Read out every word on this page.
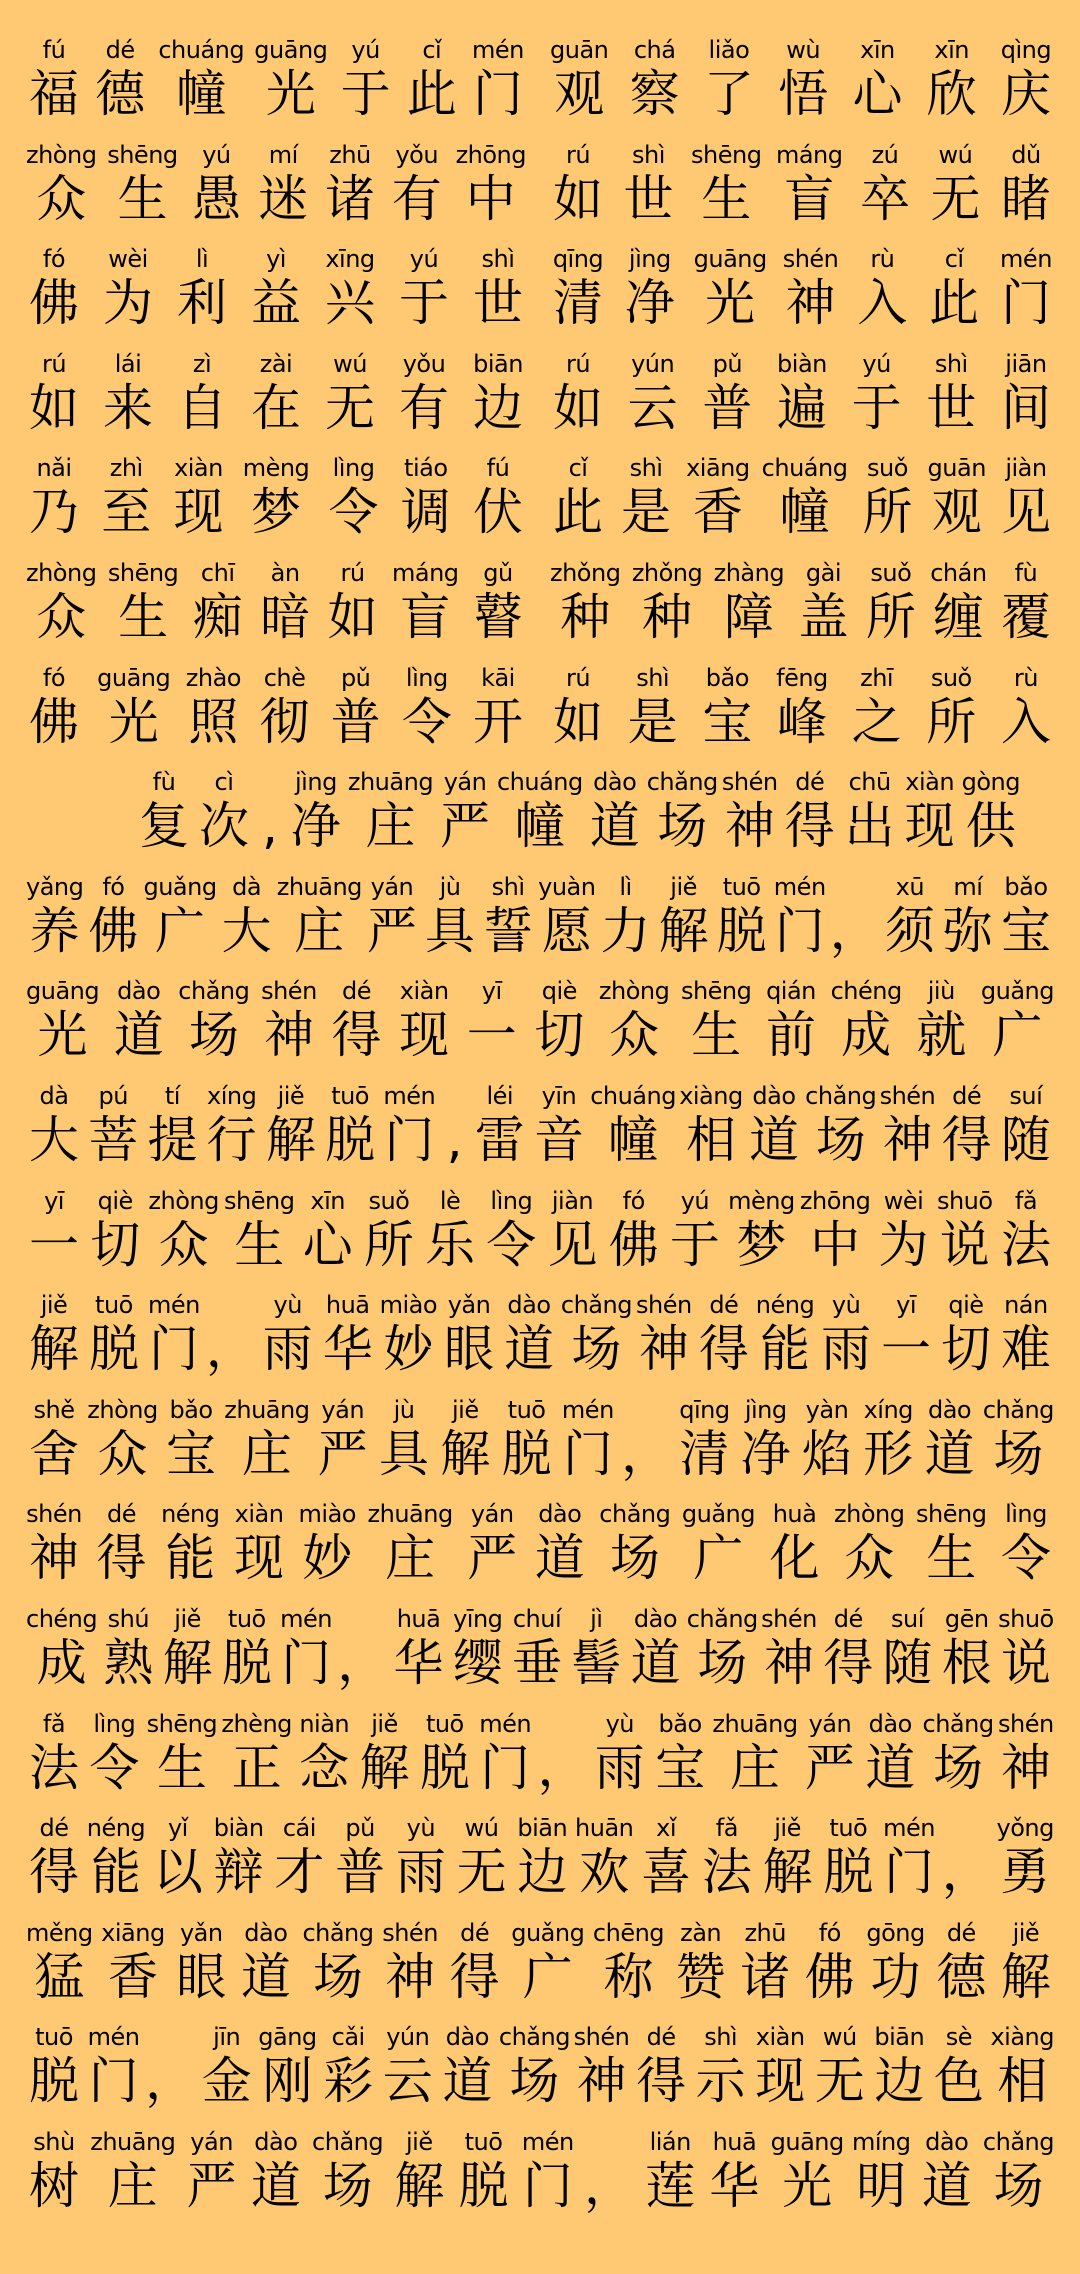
fú
福
dé
德
chuáng
幢
guāng
光
yú
于
cǐ
此
mén
门
guān
观
chá
察
liǎo
了
wù
悟
xīn
心
xīn
欣
qìng
庆
zhòng
众
shēng
生
yú
愚
mí
迷
zhū
诸
yǒu
有
zhōng
中
rú
如
shì
世
shēng
生
máng
盲
zú
卒
wú
无
dǔ
睹
fó
佛
wèi
为
lì
利
yì
益
xīng
兴
yú
于
shì
世
qīng
清
jìng
净
guāng
光
shén
神
rù
入
cǐ
此
mén
门
rú
如
lái
来
zì
自
zài
在
wú
无
yǒu
有
biān
边
rú
如
yún
云
pǔ
普
biàn
遍
yú
于
shì
世
jiān
间
nǎi
乃
zhì
至
xiàn
现
mèng
梦
lìng
令
tiáo
调
fú
伏
cǐ
此
shì
是
xiāng
香
chuáng
幢
suǒ
所
guān
观
jiàn
见
zhòng
众
shēng
生
chī
痴
àn
暗
rú
如
máng
盲
gǔ
瞽
zhǒng
种
zhǒng
种
zhàng
障
gài
盖
suǒ
所
chán
缠
fù
覆
fó
佛
guāng
光
zhào
照
chè
彻
pǔ
普
lìng
令
kāi
开
rú
如
shì
是
bǎo
宝
fēng
峰
zhī
之
suǒ
所
rù
入
fù
复
cì
次 ,
jìng
净
zhuāng
庄
yán
严
chuáng
幢
dào
道
chǎng
场
shén
神
dé
得
chū
出
xiàn
现
gòng
供
yǎng
养
fó
佛
guǎng
广
dà
大
zhuāng
庄
yán
严
jù
具
shì
誓
yuàn
愿
lì
力
jiě
解
tuō
脱
mén
门 ，
xū
须
mí
弥
bǎo
宝
guāng
光
dào
道
chǎng
场
shén
神
dé
得
xiàn
现
yī
一
qiè
切
zhòng
众
shēng
生
qián
前
chéng
成
jiù
就
guǎng
广
dà
大
pú
菩
tí
提
xíng
行
jiě
解
tuō
脱
mén
门 ,
léi
雷
yīn
音
chuáng
幢
xiàng
相
dào
道
chǎng
场
shén
神
dé
得
suí
随
yī
一
qiè
切
zhòng
众
shēng
生
xīn
心
suǒ
所
lè
乐
lìng
令
jiàn
见
fó
佛
yú
于
mèng
梦
zhōng
中
wèi
为
shuō
说
fǎ
法
jiě
解
tuō
脱
mén
门 ，
yù
雨
huā
华
miào
妙
yǎn
眼
dào
道
chǎng
场
shén
神
dé
得
néng
能
yù
雨
yī
一
qiè
切
nán
难
shě
舍
zhòng
众
bǎo
宝
zhuāng
庄
yán
严
jù
具
jiě
解
tuō
脱
mén
门 ，
qīng
清
jìng
净
yàn
焰
xíng
形
dào
道
chǎng
场
shén
神
dé
得
néng
能
xiàn
现
miào
妙
zhuāng
庄
yán
严
dào
道
chǎng
场
guǎng
广
huà
化
zhòng
众
shēng
生
lìng
令
chéng
成
shú
熟
jiě
解
tuō
脱
mén
门 ，
huā
华
yīng
缨
chuí
垂
jì
髻
dào
道
chǎng
场
shén
神
dé
得
suí
随
gēn
根
shuō
说
fǎ
法
lìng
令
shēng
生
zhèng
正
niàn
念
jiě
解
tuō
脱
mén
门 ，
yù
雨
bǎo
宝
zhuāng
庄
yán
严
dào
道
chǎng
场
shén
神
dé
得
néng
能
yǐ
以
biàn
辩
cái
才
pǔ
普
yù
雨
wú
无
biān
边
huān
欢
xǐ
喜
fǎ
法
jiě
解
tuō
脱
mén
门 ，
yǒng
勇
měng
猛
xiāng
香
yǎn
眼
dào
道
chǎng
场
shén
神
dé
得
guǎng
广
chēng
称
zàn
赞
zhū
诸
fó
佛
gōng
功
dé
德
jiě
解
tuō
脱
mén
门 ，
jīn
金
gāng
刚
cǎi
彩
yún
云
dào
道
chǎng
场
shén
神
dé
得
shì
示
xiàn
现
wú
无
biān
边
sè
色
xiàng
相
shù
树
zhuāng
庄
yán
严
dào
道
chǎng
场
jiě
解
tuō
脱
mén
门 ，
lián
莲
huā
华
guāng
光
míng
明
dào
道
chǎng
场
